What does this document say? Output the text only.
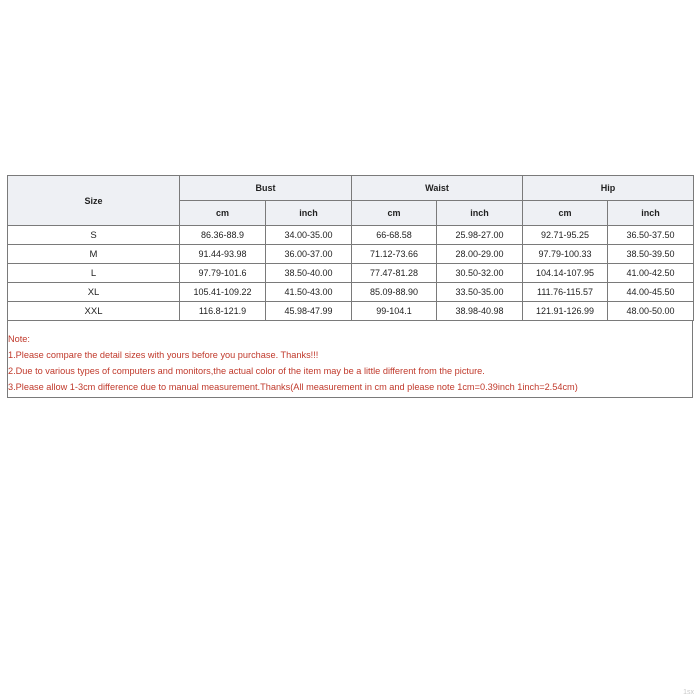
Size	Bust		Waist		Hip	
	cm	inch	cm	inch	cm	inch
S	86.36-88.9	34.00-35.00	66-68.58	25.98-27.00	92.71-95.25	36.50-37.50
M	91.44-93.98	36.00-37.00	71.12-73.66	28.00-29.00	97.79-100.33	38.50-39.50
L	97.79-101.6	38.50-40.00	77.47-81.28	30.50-32.00	104.14-107.95	41.00-42.50
XL	105.41-109.22	41.50-43.00	85.09-88.90	33.50-35.00	111.76-115.57	44.00-45.50
XXL	116.8-121.9	45.98-47.99	99-104.1	38.98-40.98	121.91-126.99	48.00-50.00
Note:
1.Please compare the detail sizes with yours before you purchase. Thanks!!!
2.Due to various types of computers and monitors,the actual color of the item may be a little different from the picture.
3.Please allow 1-3cm difference due to manual measurement.Thanks(All measurement in cm and please note 1cm=0.39inch 1inch=2.54cm)
1sx
